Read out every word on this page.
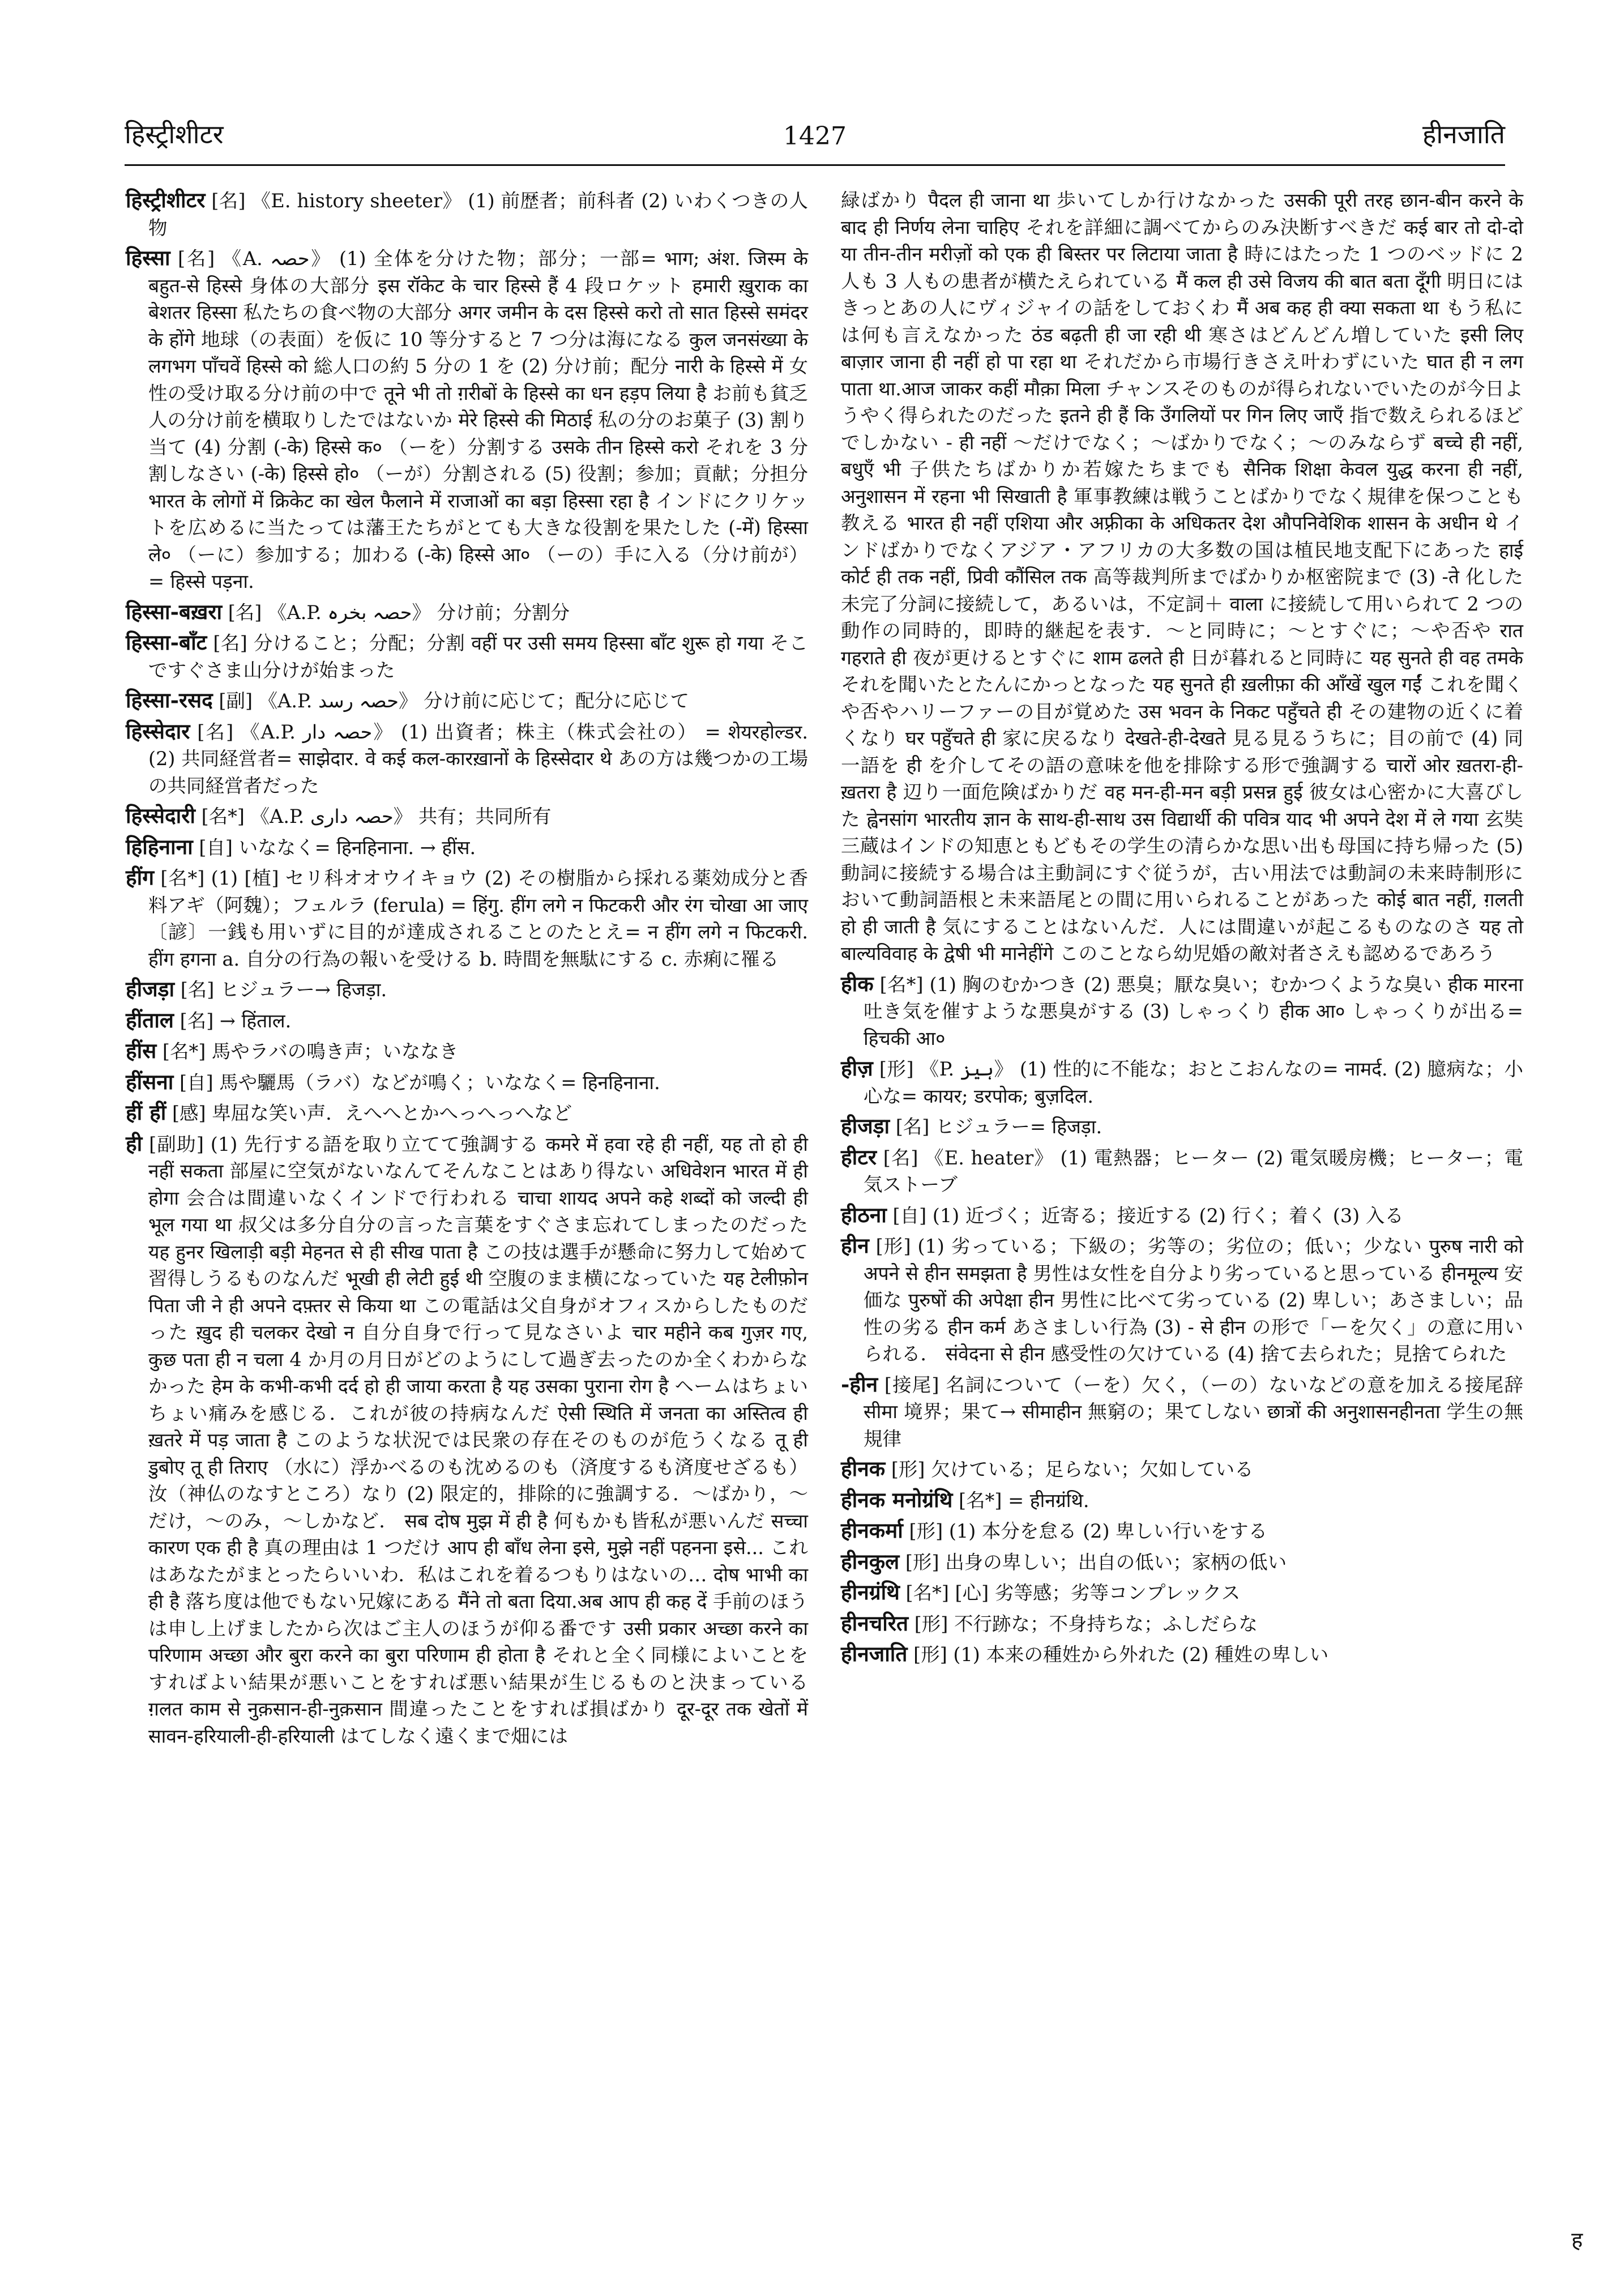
हिस्ट्रीशीटर	1427	हीनजाति

हिस्ट्रीशीटर [名] 《E. history sheeter》 (1) 前歴者；前科者 (2) いわくつきの人物

हिस्सा [名] 《A. حصہ》 (1) 全体を分けた物；部分；一部= भाग; अंश. जिस्म के बहुत-से हिस्से 身体の大部分 इस रॉकेट के चार हिस्से हैं 4 段ロケット हमारी ख़ुराक का बेशतर हिस्सा 私たちの食べ物の大部分 अगर जमीन के दस हिस्से करो तो सात हिस्से समंदर के होंगे 地球（の表面）を仮に 10 等分すると 7 つ分は海になる कुल जनसंख्या के लगभग पाँचवें हिस्से को 総人口の約 5 分の 1 を (2) 分け前；配分 नारी के हिस्से में 女性の受け取る分け前の中で तूने भी तो ग़रीबों के हिस्से का धन हड़प लिया है お前も貧乏人の分け前を横取りしたではないか मेरे हिस्से की मिठाई 私の分のお菓子 (3) 割り当て (4) 分割 (-के) हिस्से क० （ーを）分割する उसके तीन हिस्से करो それを 3 分割しなさい (-के) हिस्से हो० （ーが）分割される (5) 役割；参加；貢献；分担分 भारत के लोगों में क्रिकेट का खेल फैलाने में राजाओं का बड़ा हिस्सा रहा है インドにクリケットを広めるに当たっては藩王たちがとても大きな役割を果たした (-में) हिस्सा ले० （ーに）参加する；加わる (-के) हिस्से आ० （ーの）手に入る（分け前が） = हिस्से पड़ना.

हिस्सा-बख़रा [名] 《A.P. حصہ بخرہ》 分け前；分割分

हिस्सा-बाँट [名] 分けること；分配；分割 वहीं पर उसी समय हिस्सा बाँट शुरू हो गया そこですぐさま山分けが始まった

हिस्सा-रसद [副] 《A.P. حصہ رسد》 分け前に応じて；配分に応じて

हिस्सेदार [名] 《A.P. حصہ دار》 (1) 出資者；株主（株式会社の） = शेयरहोल्डर. (2) 共同経営者= साझेदार. वे कई कल-कारख़ानों के हिस्सेदार थे あの方は幾つかの工場の共同経営者だった

हिस्सेदारी [名*] 《A.P. حصہ داری》 共有；共同所有

हिहिनाना [自] いななく= हिनहिनाना. → हींस.

हींग [名*] (1) [植] セリ科オオウイキョウ (2) その樹脂から採れる薬効成分と香料アギ（阿魏）；フェルラ (ferula) = हिंगु. हींग लगे न फिटकरी और रंग चोखा आ जाए 〔諺〕一銭も用いずに目的が達成されることのたとえ= न हींग लगे न फिटकरी. हींग हगना a. 自分の行為の報いを受ける b. 時間を無駄にする c. 赤痢に罹る

हीजड़ा [名] ヒジュラー→ हिजड़ा.

हींताल [名] → हिंताल.

हींस [名*] 馬やラバの鳴き声；いななき

हींसना [自] 馬や驪馬（ラバ）などが鳴く；いななく= हिनहिनाना.

हीं हीं [感] 卑屈な笑い声．えへへとかへっへっへなど

ही [副助] (1) 先行する語を取り立てて強調する कमरे में हवा रहे ही नहीं, यह तो हो ही नहीं सकता 部屋に空気がないなんてそんなことはあり得ない अधिवेशन भारत में ही होगा 会合は間違いなくインドで行われる चाचा शायद अपने कहे शब्दों को जल्दी ही भूल गया था 叔父は多分自分の言った言葉をすぐさま忘れてしまったのだった यह हुनर खिलाड़ी बड़ी मेहनत से ही सीख पाता है この技は選手が懸命に努力して始めて習得しうるものなんだ भूखी ही लेटी हुई थी 空腹のまま横になっていた यह टेलीफ़ोन पिता जी ने ही अपने दफ़्तर से किया था この電話は父自身がオフィスからしたものだった ख़ुद ही चलकर देखो न 自分自身で行って見なさいよ चार महीने कब गुज़र गए, कुछ पता ही न चला 4 か月の月日がどのようにして過ぎ去ったのか全くわからなかった हेम के कभी-कभी दर्द हो ही जाया करता है यह उसका पुराना रोग है ヘームはちょいちょい痛みを感じる．これが彼の持病なんだ ऐसी स्थिति में जनता का अस्तित्व ही ख़तरे में पड़ जाता है このような状況では民衆の存在そのものが危うくなる तू ही डुबोए तू ही तिराए （水に）浮かべるのも沈めるのも（済度するも済度せざるも）汝（神仏のなすところ）なり (2) 限定的，排除的に強調する．〜ばかり，〜だけ，〜のみ，〜しかなど． सब दोष मुझ में ही है 何もかも皆私が悪いんだ सच्चा कारण एक ही है 真の理由は 1 つだけ आप ही बाँध लेना इसे, मुझे नहीं पहनना इसे... これはあなたがまとったらいいわ．私はこれを着るつもりはないの… दोष भाभी का ही है 落ち度は他でもない兄嫁にある मैंने तो बता दिया.अब आप ही कह दें 手前のほうは申し上げましたから次はご主人のほうが仰る番です उसी प्रकार अच्छा करने का परिणाम अच्छा और बुरा करने का बुरा परिणाम ही होता है それと全く同様によいことをすればよい結果が悪いことをすれば悪い結果が生じるものと決まっている ग़लत काम से नुक़सान-ही-नुक़सान 間違ったことをすれば損ばかり दूर-दूर तक खेतों में सावन-हरियाली-ही-हरियाली はてしなく遠くまで畑には

緑ばかり पैदल ही जाना था 歩いてしか行けなかった उसकी पूरी तरह छान-बीन करने के बाद ही निर्णय लेना चाहिए それを詳細に調べてからのみ決断すべきだ कई बार तो दो-दो या तीन-तीन मरीज़ों को एक ही बिस्तर पर लिटाया जाता है 時にはたった 1 つのベッドに 2 人も 3 人もの患者が横たえられている मैं कल ही उसे विजय की बात बता दूँगी 明日にはきっとあの人にヴィジャイの話をしておくわ मैं अब कह ही क्या सकता था もう私には何も言えなかった ठंड बढ़ती ही जा रही थी 寒さはどんどん増していた इसी लिए बाज़ार जाना ही नहीं हो पा रहा था それだから市場行きさえ叶わずにいた घात ही न लग पाता था.आज जाकर कहीं मौक़ा मिला チャンスそのものが得られないでいたのが今日ようやく得られたのだった इतने ही हैं कि उँगलियों पर गिन लिए जाएँ 指で数えられるほどでしかない - ही नहीं 〜だけでなく；〜ばかりでなく；〜のみならず बच्चे ही नहीं, बधुएँ भी 子供たちばかりか若嫁たちまでも सैनिक शिक्षा केवल युद्ध करना ही नहीं, अनुशासन में रहना भी सिखाती है 軍事教練は戦うことばかりでなく規律を保つことも教える भारत ही नहीं एशिया और अफ़्रीका के अधिकतर देश औपनिवेशिक शासन के अधीन थे インドばかりでなくアジア・アフリカの大多数の国は植民地支配下にあった हाई कोर्ट ही तक नहीं, प्रिवी कौंसिल तक 高等裁判所までばかりか枢密院まで (3) -ते 化した未完了分詞に接続して，あるいは，不定詞＋ वाला に接続して用いられて 2 つの動作の同時的，即時的継起を表す．〜と同時に；〜とすぐに；〜や否や रात गहराते ही 夜が更けるとすぐに शाम ढलते ही 日が暮れると同時に यह सुनते ही वह तमके それを聞いたとたんにかっとなった यह सुनते ही ख़लीफ़ा की आँखें खुल गईं これを聞くや否やハリーファーの目が覚めた उस भवन के निकट पहुँचते ही その建物の近くに着くなり घर पहुँचते ही 家に戻るなり देखते-ही-देखते 見る見るうちに；目の前で (4) 同一語を ही を介してその語の意味を他を排除する形で強調する चारों ओर ख़तरा-ही-ख़तरा है 辺り一面危険ばかりだ वह मन-ही-मन बड़ी प्रसन्न हुई 彼女は心密かに大喜びした ह्वेनसांग भारतीय ज्ञान के साथ-ही-साथ उस विद्यार्थी की पवित्र याद भी अपने देश में ले गया 玄奘三蔵はインドの知恵ともどもその学生の清らかな思い出も母国に持ち帰った (5) 動詞に接続する場合は主動詞にすぐ従うが，古い用法では動詞の未来時制形において動詞語根と未来語尾との間に用いられることがあった कोई बात नहीं, ग़लती हो ही जाती है 気にすることはないんだ．人には間違いが起こるものなのさ यह तो बाल्यविवाह के द्वेषी भी मानेहींगे このことなら幼児婚の敵対者さえも認めるであろう

हीक [名*] (1) 胸のむかつき (2) 悪臭；厭な臭い；むかつくような臭い हीक मारना 吐き気を催すような悪臭がする (3) しゃっくり हीक आ० しゃっくりが出る= हिचकी आ०

हीज़ [形] 《P. ہیز》 (1) 性的に不能な；おとこおんなの= नामर्द. (2) 臆病な；小心な= कायर; डरपोक; बुज़दिल.

हीजड़ा [名] ヒジュラー= हिजड़ा.

हीटर [名] 《E. heater》 (1) 電熱器；ヒーター (2) 電気暖房機；ヒーター；電気ストーブ

हीठना [自] (1) 近づく；近寄る；接近する (2) 行く；着く (3) 入る

हीन [形] (1) 劣っている；下級の；劣等の；劣位の；低い；少ない पुरुष नारी को अपने से हीन समझता है 男性は女性を自分より劣っていると思っている हीनमूल्य 安価な पुरुषों की अपेक्षा हीन 男性に比べて劣っている (2) 卑しい；あさましい；品性の劣る हीन कर्म あさましい行為 (3) - से हीन の形で「ーを欠く」の意に用いられる． संवेदना से हीन 感受性の欠けている (4) 捨て去られた；見捨てられた

-हीन [接尾] 名詞について（ーを）欠く，（ーの）ないなどの意を加える接尾辞 सीमा 境界；果て→ सीमाहीन 無窮の；果てしない छात्रों की अनुशासनहीनता 学生の無規律

हीनक [形] 欠けている；足らない；欠如している

हीनक मनोग्रंथि [名*] = हीनग्रंथि.

हीनकर्मा [形] (1) 本分を怠る (2) 卑しい行いをする

हीनकुल [形] 出身の卑しい；出自の低い；家柄の低い

हीनग्रंथि [名*] [心] 劣等感；劣等コンプレックス

हीनचरित [形] 不行跡な；不身持ちな；ふしだらな

हीनजाति [形] (1) 本来の種姓から外れた (2) 種姓の卑しい

ह
